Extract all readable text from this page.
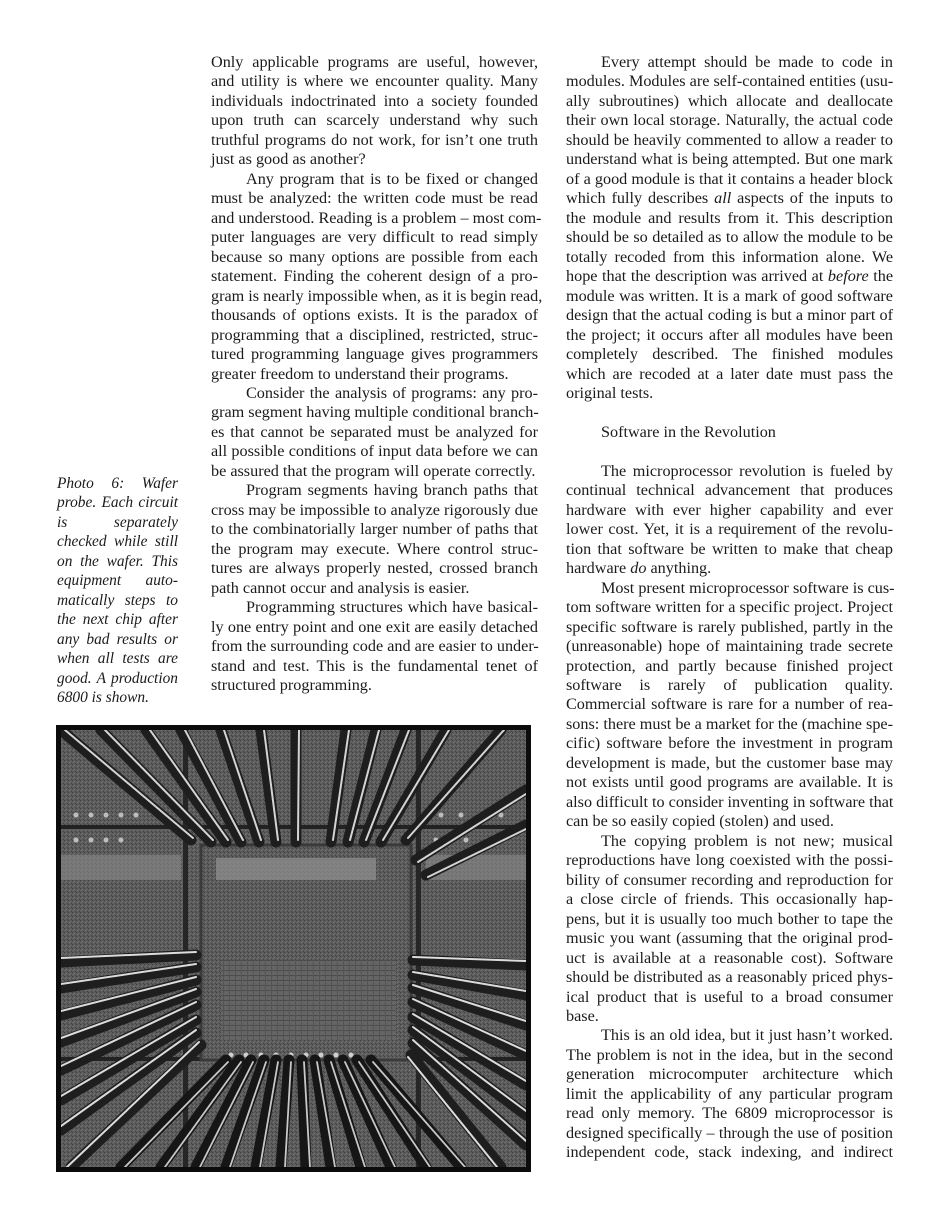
Only applicable programs are useful, however,
and utility is where we encounter quality. Many
individuals indoctrinated into a society founded
upon truth can scarcely understand why such
truthful programs do not work, for isn’t one truth
just as good as another?
Any program that is to be fixed or changed
must be analyzed: the written code must be read
and understood. Reading is a problem – most com-
puter languages are very difficult to read simply
because so many options are possible from each
statement. Finding the coherent design of a pro-
gram is nearly impossible when, as it is begin read,
thousands of options exists. It is the paradox of
programming that a disciplined, restricted, struc-
tured programming language gives programmers
greater freedom to understand their programs.
Consider the analysis of programs: any pro-
gram segment having multiple conditional branch-
es that cannot be separated must be analyzed for
all possible conditions of input data before we can
be assured that the program will operate correctly.
Program segments having branch paths that
cross may be impossible to analyze rigorously due
to the combinatorially larger number of paths that
the program may execute. Where control struc-
tures are always properly nested, crossed branch
path cannot occur and analysis is easier.
Programming structures which have basical-
ly one entry point and one exit are easily detached
from the surrounding code and are easier to under-
stand and test. This is the fundamental tenet of
structured programming.
Photo 6: Wafer
probe. Each circuit
is separately
checked while still
on the wafer. This
equipment auto-
matically steps to
the next chip after
any bad results or
when all tests are
good. A production
6800 is shown.
Every attempt should be made to code in
modules. Modules are self-contained entities (usu-
ally subroutines) which allocate and deallocate
their own local storage. Naturally, the actual code
should be heavily commented to allow a reader to
understand what is being attempted. But one mark
of a good module is that it contains a header block
which fully describes all aspects of the inputs to
the module and results from it. This description
should be so detailed as to allow the module to be
totally recoded from this information alone. We
hope that the description was arrived at before the
module was written. It is a mark of good software
design that the actual coding is but a minor part of
the project; it occurs after all modules have been
completely described. The finished modules
which are recoded at a later date must pass the
original tests.
Software in the Revolution
The microprocessor revolution is fueled by
continual technical advancement that produces
hardware with ever higher capability and ever
lower cost. Yet, it is a requirement of the revolu-
tion that software be written to make that cheap
hardware do anything.
Most present microprocessor software is cus-
tom software written for a specific project. Project
specific software is rarely published, partly in the
(unreasonable) hope of maintaining trade secrete
protection, and partly because finished project
software is rarely of publication quality.
Commercial software is rare for a number of rea-
sons: there must be a market for the (machine spe-
cific) software before the investment in program
development is made, but the customer base may
not exists until good programs are available. It is
also difficult to consider inventing in software that
can be so easily copied (stolen) and used.
The copying problem is not new; musical
reproductions have long coexisted with the possi-
bility of consumer recording and reproduction for
a close circle of friends. This occasionally hap-
pens, but it is usually too much bother to tape the
music you want (assuming that the original prod-
uct is available at a reasonable cost). Software
should be distributed as a reasonably priced phys-
ical product that is useful to a broad consumer
base.
This is an old idea, but it just hasn’t worked.
The problem is not in the idea, but in the second
generation microcomputer architecture which
limit the applicability of any particular program
read only memory. The 6809 microprocessor is
designed specifically – through the use of position
independent code, stack indexing, and indirect
